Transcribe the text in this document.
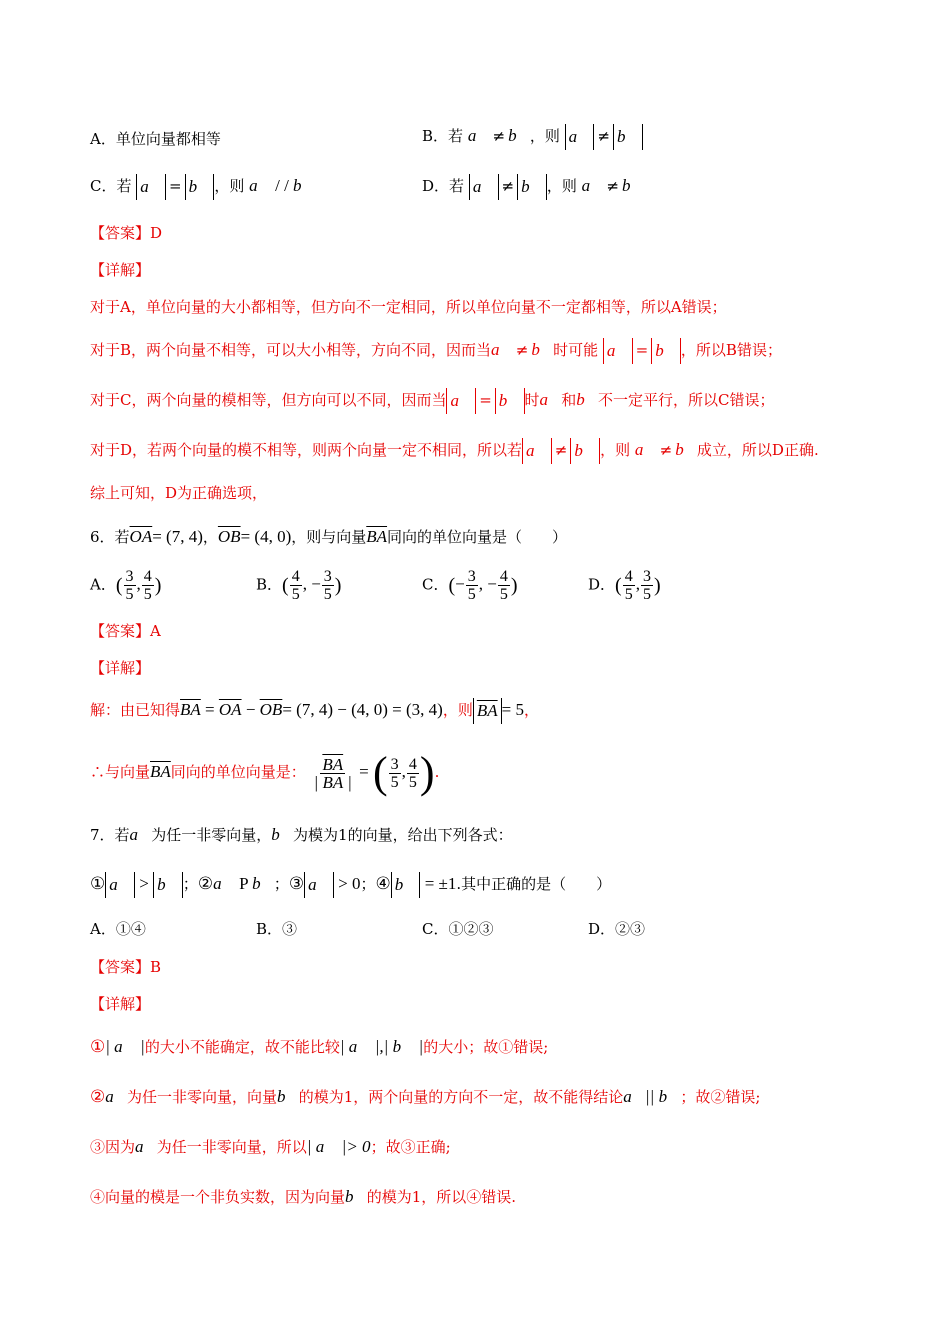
A．单位向量都相等	B．若 a⃗ ≠ b⃗，则 a⃗ ≠ b⃗
C．若 a⃗ = b⃗ ，则 a⃗ / / b⃗	D．若 a⃗ ≠ b⃗ ，则 a⃗ ≠ b⃗
【答案】D
【详解】
对于A，单位向量的大小都相等，但方向不一定相同，所以单位向量不一定都相等，所以A错误；
对于B，两个向量不相等，可以大小相等，方向不同，因而当a⃗ ≠ b⃗时可能 a⃗ = b⃗ ，所以B错误；
对于C，两个向量的模相等，但方向可以不同，因而当 a⃗ = b⃗ 时a⃗和b⃗不一定平行，所以C错误；
对于D，若两个向量的模不相等，则两个向量一定不相同，所以若 a⃗ ≠ b⃗ ，则 a⃗ ≠ b⃗成立，所以D正确.
综上可知，D为正确选项，
6．若$\overline{OA}= (7$, 4)，$\overline{OB}= (4$, 0)，则与向量$\overline{BA}$同向的单位向量是（　　）
A．( $\frac{3}{5}$ , $\frac{4}{5}$ )	B．( $\frac{4}{5}$ , − $\frac{3}{5}$ )	C．(− $\frac{3}{5}$ , − $\frac{4}{5}$ )	D．( $\frac{4}{5}$ , $\frac{3}{5}$ )
【答案】A
【详解】
解：由已知得$\overline{BA} = \overline{OA} - \overline{OB}= (7$, 4) − (4, 0) = (3, 4)，则 $\overline{BA} = 5$，
∴与向量$\overline{BA}$同向的单位向量是： $\frac{\overline{BA}}{| BA |}$ = ( $\frac{3}{5}$ , $\frac{4}{5}$ ).
7．若a⃗为任一非零向量，b⃗为模为1的向量，给出下列各式：
① a⃗ > b⃗ ；②a⃗ P b⃗；③ a⃗ > 0；④ b⃗ = ±1.其中正确的是（　　）
A．①④	B．③	C．①②③	D．②③
【答案】B
【详解】
①| a⃗ |的大小不能确定，故不能比较| a⃗ |,| b⃗ |的大小；故①错误;
②a⃗为任一非零向量，向量b⃗的模为1，两个向量的方向不一定，故不能得结论a⃗|| b⃗；故②错误;
③因为a⃗为任一非零向量，所以| a⃗ |> 0；故③正确;
④向量的模是一个非负实数，因为向量b⃗的模为1，所以④错误.
